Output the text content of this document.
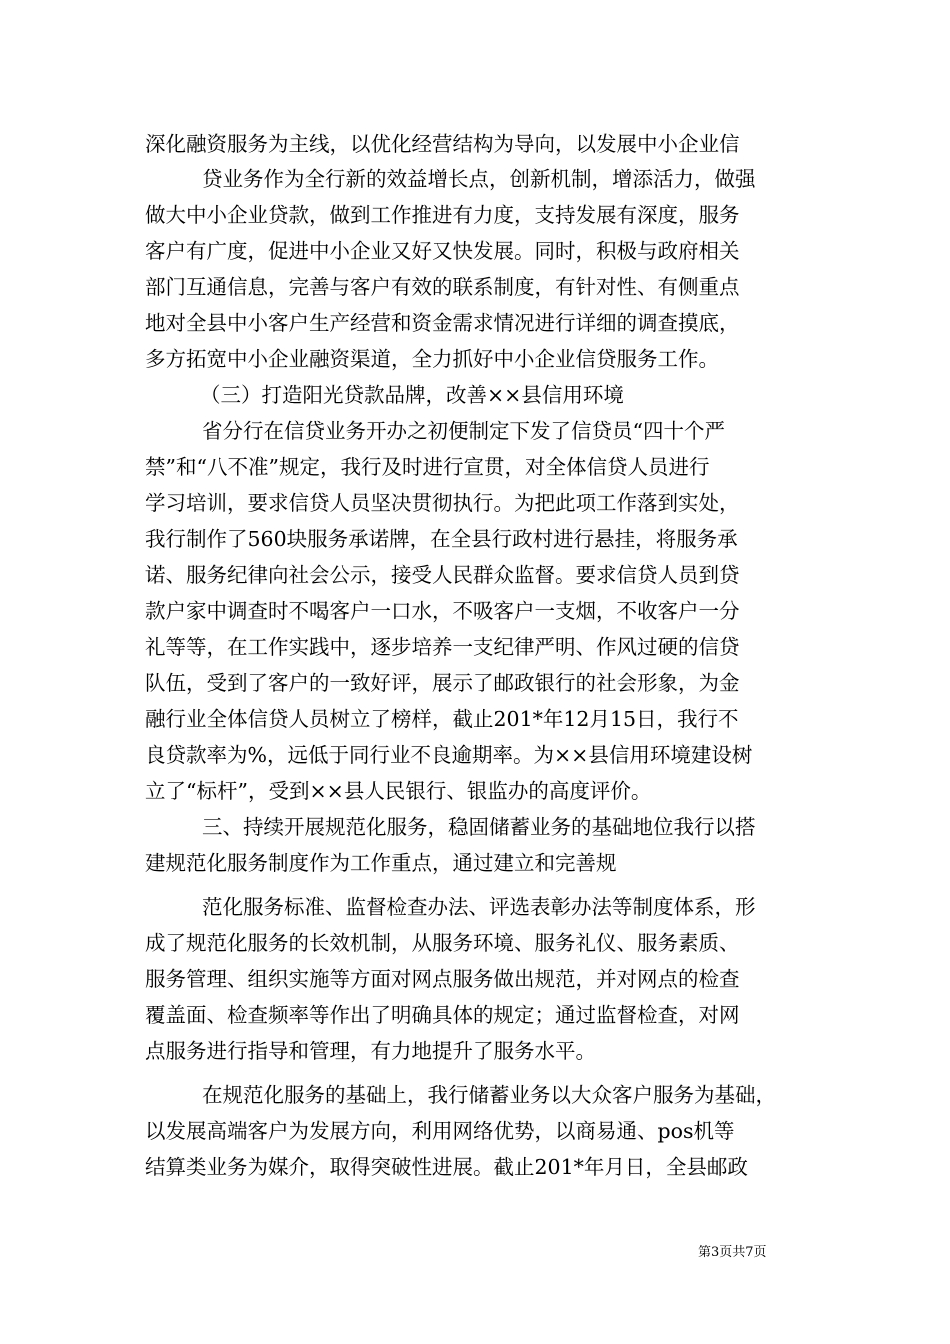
深化融资服务为主线，以优化经营结构为导向，以发展中小企业信
贷业务作为全行新的效益增长点，创新机制，增添活力，做强
做大中小企业贷款，做到工作推进有力度，支持发展有深度，服务
客户有广度，促进中小企业又好又快发展。同时，积极与政府相关
部门互通信息，完善与客户有效的联系制度，有针对性、有侧重点
地对全县中小客户生产经营和资金需求情况进行详细的调查摸底，
多方拓宽中小企业融资渠道，全力抓好中小企业信贷服务工作。
（三）打造阳光贷款品牌，改善××县信用环境
省分行在信贷业务开办之初便制定下发了信贷员“四十个严
禁”和“八不准”规定，我行及时进行宣贯，对全体信贷人员进行
学习培训，要求信贷人员坚决贯彻执行。为把此项工作落到实处，
我行制作了560块服务承诺牌，在全县行政村进行悬挂，将服务承
诺、服务纪律向社会公示，接受人民群众监督。要求信贷人员到贷
款户家中调查时不喝客户一口水，不吸客户一支烟，不收客户一分
礼等等，在工作实践中，逐步培养一支纪律严明、作风过硬的信贷
队伍，受到了客户的一致好评，展示了邮政银行的社会形象，为金
融行业全体信贷人员树立了榜样，截止201*年12月15日，我行不
良贷款率为%，远低于同行业不良逾期率。为××县信用环境建设树
立了“标杆”，受到××县人民银行、银监办的高度评价。
三、持续开展规范化服务，稳固储蓄业务的基础地位我行以搭
建规范化服务制度作为工作重点，通过建立和完善规
范化服务标准、监督检查办法、评选表彰办法等制度体系，形
成了规范化服务的长效机制，从服务环境、服务礼仪、服务素质、
服务管理、组织实施等方面对网点服务做出规范，并对网点的检查
覆盖面、检查频率等作出了明确具体的规定；通过监督检查，对网
点服务进行指导和管理，有力地提升了服务水平。
在规范化服务的基础上，我行储蓄业务以大众客户服务为基础，
以发展高端客户为发展方向，利用网络优势，以商易通、pos机等
结算类业务为媒介，取得突破性进展。截止201*年月日，全县邮政
第3页共7页
